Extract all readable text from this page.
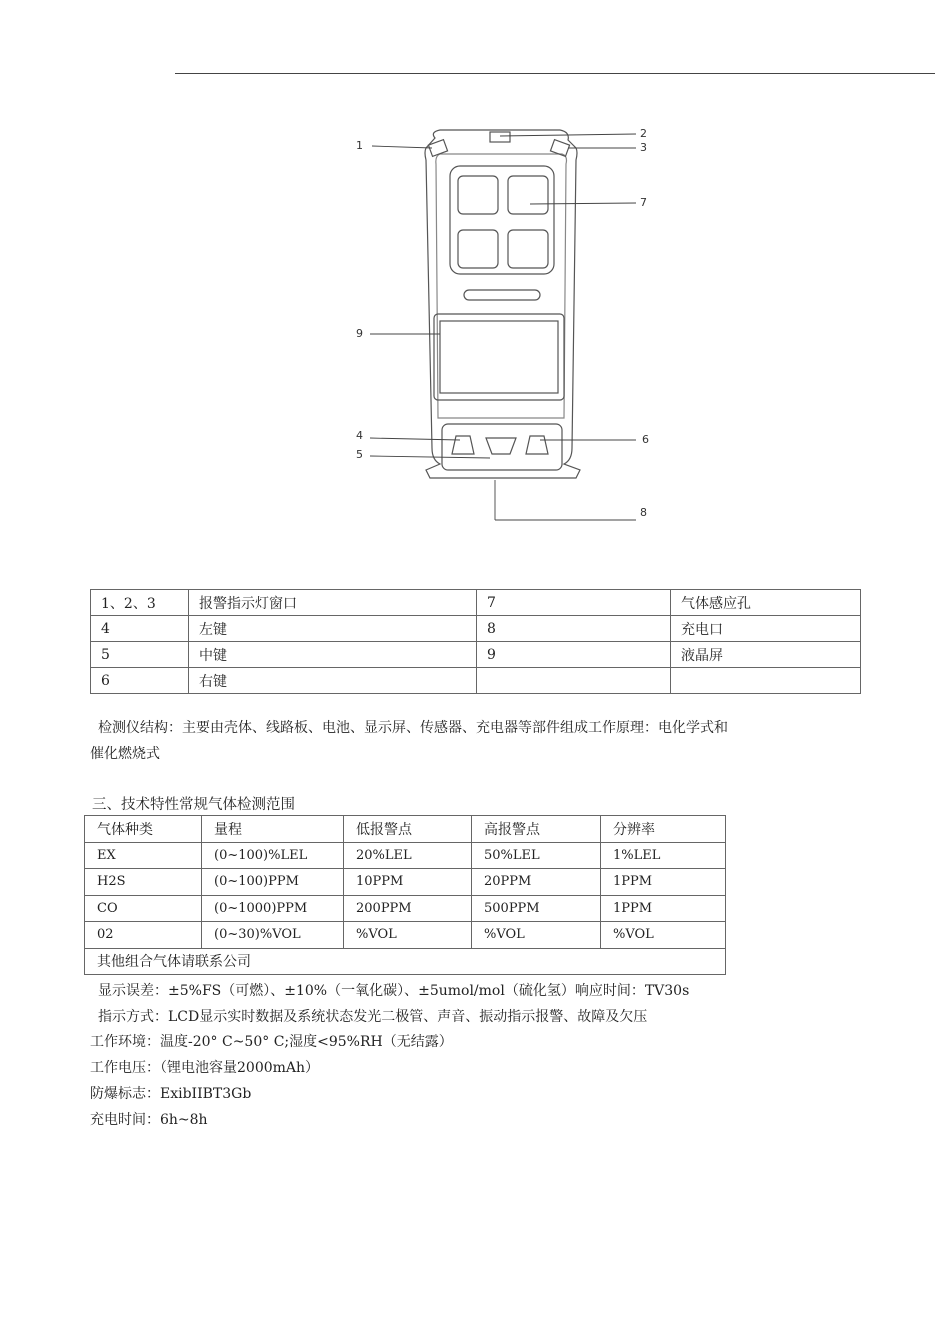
1
2
3
4
5
6
7
8
9
1、2、3	报警指示灯窗口	7	气体感应孔
4	左键	8	充电口
5	中键	9	液晶屏
6	右键		
检测仪结构：主要由壳体、线路板、电池、显示屏、传感器、充电器等部件组成工作原理：电化学式和
催化燃烧式
三、技术特性常规气体检测范围
气体种类	量程	低报警点	高报警点	分辨率
EX	(0~100)%LEL	20%LEL	50%LEL	1%LEL
H2S	(0~100)PPM	10PPM	20PPM	1PPM
CO	(0~1000)PPM	200PPM	500PPM	1PPM
02	(0~30)%VOL	%VOL	%VOL	%VOL
其他组合气体请联系公司				
显示误差：±5%FS（可燃）、±10%（一氧化碳）、±5umol/mol（硫化氢）响应时间：TV30s
指示方式：LCD显示实时数据及系统状态发光二极管、声音、振动指示报警、故障及欠压
工作环境：温度-20° C~50° C;湿度<95%RH（无结露）
工作电压：（锂电池容量2000mAh）
防爆标志：ExibIIBT3Gb
充电时间：6h~8h
